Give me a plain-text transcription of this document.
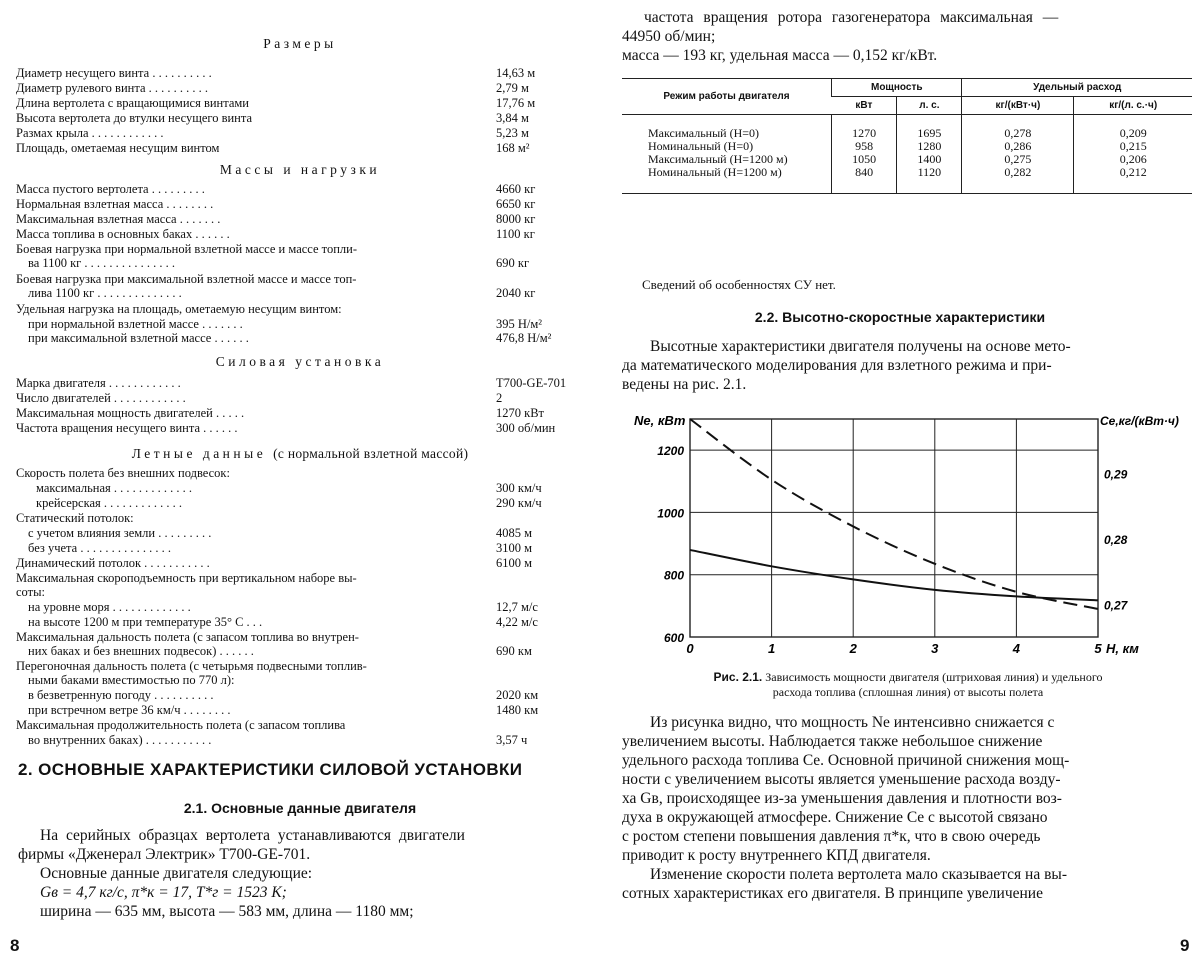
Размеры
Массы и нагрузки
Силовая установка
Летные данные (с нормальной взлетной массой)
Диаметр несущего винта . . . . . . . . . .	14,63 м
Диаметр рулевого винта . . . . . . . . . .	2,79 м
Длина вертолета с вращающимися винтами	17,76 м
Высота вертолета до втулки несущего винта	3,84 м
Размах крыла . . . . . . . . . . . .	5,23 м
Площадь, ометаемая несущим винтом	168 м²
Масса пустого вертолета . . . . . . . . .	4660 кг
Нормальная взлетная масса . . . . . . . .	6650 кг
Максимальная взлетная масса . . . . . . .	8000 кг
Масса топлива в основных баках . . . . . .	1100 кг
Боевая нагрузка при нормальной взлетной массе и массе топли-
ва 1100 кг . . . . . . . . . . . . . . .	690 кг
Боевая нагрузка при максимальной взлетной массе и массе топ-
лива 1100 кг . . . . . . . . . . . . . .	2040 кг
Удельная нагрузка на площадь, ометаемую несущим винтом:
при нормальной взлетной массе . . . . . . .	395 Н/м²
при максимальной взлетной массе . . . . . .	476,8 Н/м²
Марка двигателя . . . . . . . . . . . .	Т700-GE-701
Число двигателей . . . . . . . . . . . .	2
Максимальная мощность двигателей . . . . .	1270 кВт
Частота вращения несущего винта . . . . . .	300 об/мин
Скорость полета без внешних подвесок:
максимальная . . . . . . . . . . . . .	300 км/ч
крейсерская . . . . . . . . . . . . .	290 км/ч
Статический потолок:
с учетом влияния земли . . . . . . . . .	4085 м
без учета . . . . . . . . . . . . . . .	3100 м
Динамический потолок . . . . . . . . . . .	6100 м
Максимальная скороподъемность при вертикальном наборе вы-
соты:
на уровне моря . . . . . . . . . . . . .	12,7 м/с
на высоте 1200 м при температуре 35° С . . .	4,22 м/с
Максимальная дальность полета (с запасом топлива во внутрен-
них баках и без внешних подвесок) . . . . . .	690 км
Перегоночная дальность полета (с четырьмя подвесными топлив-
ными баками вместимостью по 770 л):
в безветренную погоду . . . . . . . . . .	2020 км
при встречном ветре 36 км/ч . . . . . . . .	1480 км
Максимальная продолжительность полета (с запасом топлива
во внутренних баках) . . . . . . . . . . .	3,57 ч
2. ОСНОВНЫЕ ХАРАКТЕРИСТИКИ СИЛОВОЙ УСТАНОВКИ
2.1. Основные данные двигателя
На серийных образцах вертолета устанавливаются двигатели
фирмы «Дженерал Электрик» Т700-GE-701.
Основные данные двигателя следующие:
Gв = 4,7 кг/с, π*к = 17, T*г = 1523 К;
ширина — 635 мм, высота — 583 мм, длина — 1180 мм;
8
частота вращения ротора газогенератора максимальная —
44950 об/мин;
масса — 193 кг, удельная масса — 0,152 кг/кВт.
Режим работы двигателя	Мощность		Удельный расход	
	кВт	л. с.	кг/(кВт·ч)	кг/(л. с.·ч)
Максимальный (H=0)	1270	1695	0,278	0,209
Номинальный (H=0)	958	1280	0,286	0,215
Максимальный (H=1200 м)	1050	1400	0,275	0,206
Номинальный (H=1200 м)	840	1120	0,282	0,212
Сведений об особенностях СУ нет.
2.2. Высотно-скоростные характеристики
Высотные характеристики двигателя получены на основе мето-
да математического моделирования для взлетного режима и при-
ведены на рис. 2.1.
0	1	2	3	4	5
600
800
1000
1200
0,27
0,28
0,29
Nе, кВт	Cе,кг/(кВт·ч)
Н, км
Рис. 2.1. Зависимость мощности двигателя (штриховая линия) и удельного
расхода топлива (сплошная линия) от высоты полета
Из рисунка видно, что мощность Nе интенсивно снижается с
увеличением высоты. Наблюдается также небольшое снижение
удельного расхода топлива Cе. Основной причиной снижения мощ-
ности с увеличением высоты является уменьшение расхода возду-
ха Gв, происходящее из-за уменьшения давления и плотности воз-
духа в окружающей атмосфере. Снижение Cе с высотой связано
с ростом степени повышения давления π*к, что в свою очередь
приводит к росту внутреннего КПД двигателя.
Изменение скорости полета вертолета мало сказывается на вы-
сотных характеристиках его двигателя. В принципе увеличение
9
